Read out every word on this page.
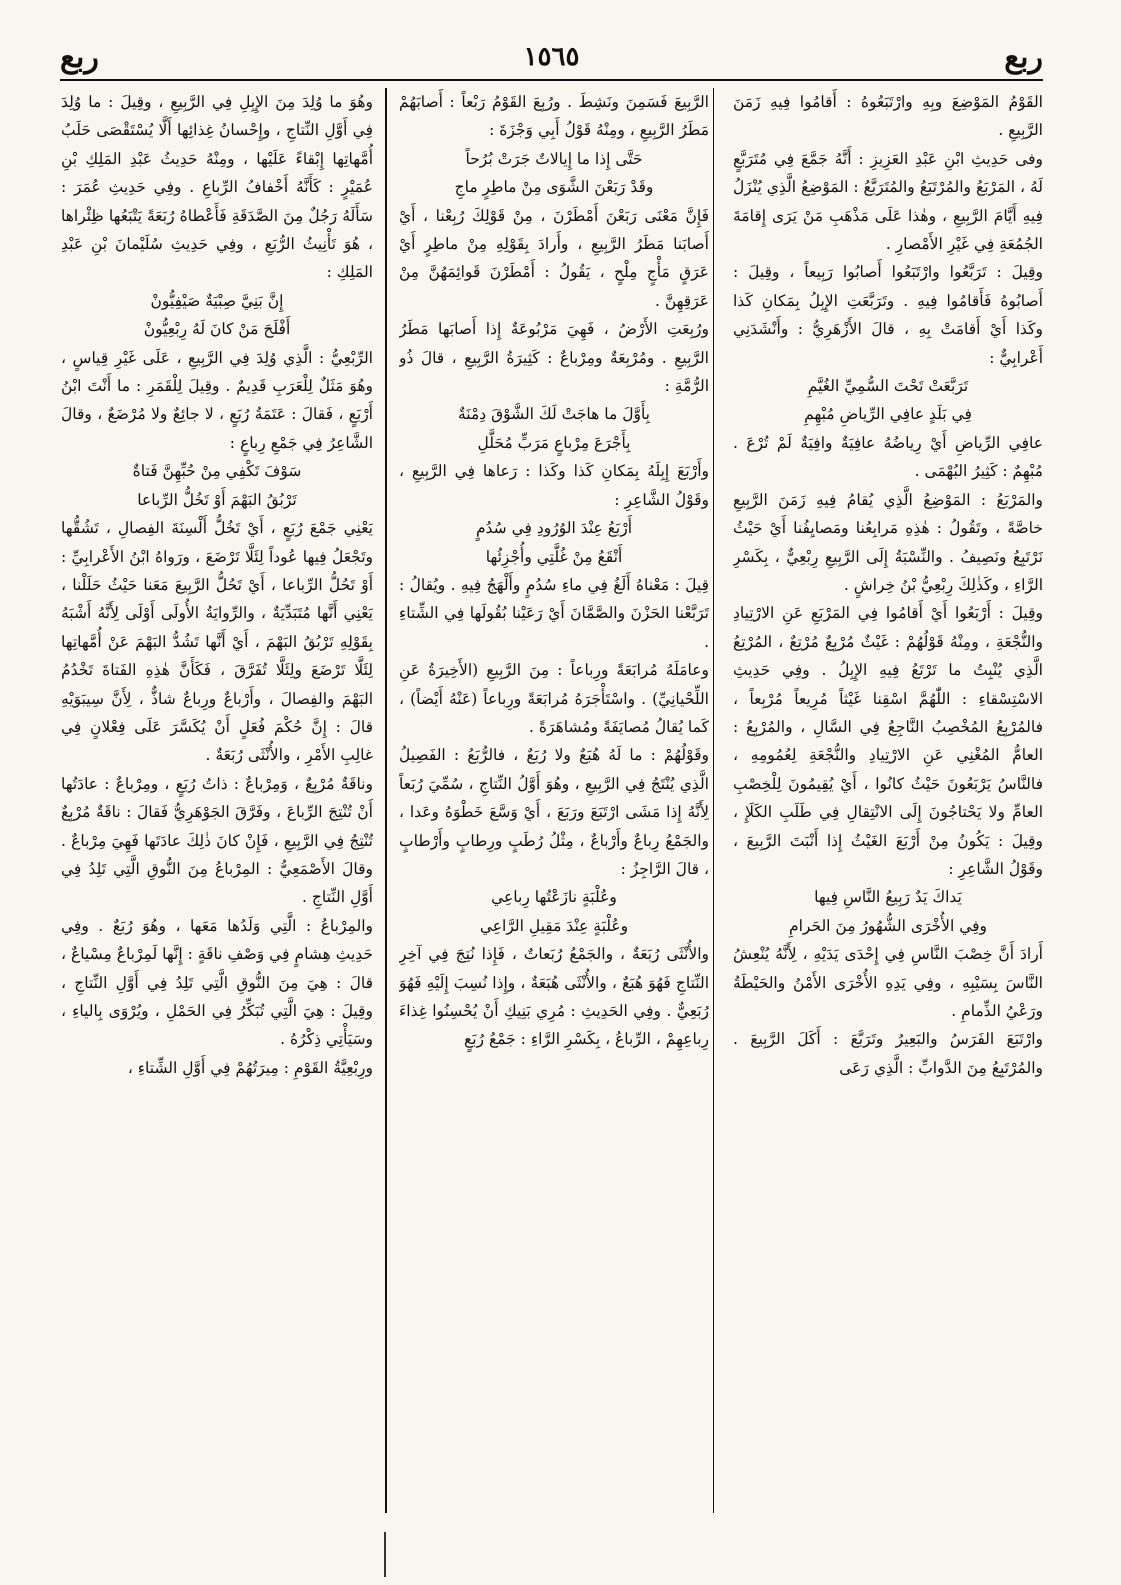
ربع
١٥٦٥
ربع

القَوْمُ المَوْضِعَ وبِهِ وارْتَبَعُوهُ : أَقامُوا فِيهِ زَمَنَ الرَّبِيعِ .

وفى حَدِيثِ ابْنِ عَبْدِ العَزِيزِ : أَنَّهُ جَمَّعَ فِي مُتَرَبَّعٍ لَهُ ، المَرْبَعُ والمُرْتَبَعُ والمُتَرَبَّعُ : المَوْضِعُ الَّذِي يُنْزَلُ فِيهِ أَيَّامَ الرَّبِيعِ ، وهٰذا عَلَى مَذْهَبِ مَنْ يَرَى إِقامَةَ الجُمُعَةِ فِي غَيْرِ الأَمْصارِ .

وقِيلَ : تَرَبَّعُوا وارْتَبَعُوا أَصابُوا رَبِيعاً ، وقِيلَ : أَصابُوهُ فَأَقامُوا فِيهِ . وتَرَبَّعَتِ الإِبِلُ بِمَكانِ كَذا وكَذا أَيْ أَقامَتْ بِهِ ، قالَ الأَزْهَرِيُّ : وأَنْشَدَنِي أَعْرابِيٌّ :

تَرَبَّعَتْ تَحْتَ السُّمِيِّ الغُيَّمِ

فِي بَلَدٍ عافِي الرِّياضِ مُبْهِمِ

عافِي الرِّياضِ أَيْ رِياضُهُ عافِيَةٌ وافِيَةٌ لَمْ تُرْعَ . مُبْهِمٌ : كَثِيرُ البُهْمَى .

والمَرْبَعُ : المَوْضِعُ الَّذِي يُقامُ فِيهِ زَمَنَ الرَّبِيعِ خاصَّةً ، وتَقُولُ : هٰذِهِ مَرابِعُنا ومَصايِفُنا أَيْ حَيْثُ نَرْتَبِعُ ونَصِيفُ . والنِّسْبَةُ إِلَى الرَّبِيعِ رِبْعِيٌّ ، بِكَسْرِ الرَّاءِ ، وكَذٰلِكَ رِبْعِيُّ بْنُ خِراشٍ .

وقِيلَ : أَرْبَعُوا أَيْ أَقامُوا فِي المَرْبَعِ عَنِ الارْتِيادِ والنُّجْعَةِ ، ومِنْهُ قَوْلُهُمْ : غَيْثٌ مُرْبِعٌ مُرْتِعٌ ، المُرْتِعُ الَّذِي يُنْبِتُ ما تَرْتَعُ فِيهِ الإِبِلُ . وفِي حَدِيثِ الاسْتِسْقاءِ : اللّٰهُمَّ اسْقِنا غَيْثاً مُرِيعاً مُرْبِعاً ، فالمُرْبِعُ المُخْصِبُ النَّاجِعُ فِي السَّالِ ، والمُرْبِعُ : العامُّ المُغْنِي عَنِ الارْتِيادِ والنُّجْعَةِ لِعُمُومِهِ ، فالنَّاسُ يَرْبَعُونَ حَيْثُ كانُوا ، أَيْ يُقِيمُونَ لِلْخِصْبِ العامِّ ولا يَحْتاجُونَ إِلَى الانْتِقالِ فِي طَلَبِ الكَلَإِ ، وقِيلَ : يَكُونُ مِنْ أَرْبَعَ الغَيْثُ إِذا أَنْبَتَ الرَّبِيعَ ، وقَوْلُ الشَّاعِرِ :

يَداكَ يَدٌ رَبِيعُ النَّاسِ فِيها

وفِي الأُخْرَى الشُّهُورُ مِنَ الحَرامِ

أَرادَ أَنَّ خِصْبَ النَّاسِ فِي إِحْدَى يَدَيْهِ ، لِأَنَّهُ يُنْعِشُ النَّاسَ بِسَيْبِهِ ، وفِي يَدِهِ الأُخْرَى الأَمْنُ والحَيْطَةُ ورَعْيُ الذِّمامِ .

وارْتَبَعَ الفَرَسُ والبَعِيرُ وتَرَبَّعَ : أَكَلَ الرَّبِيعَ . والمُرْتَبِعُ مِنَ الدَّوابِّ : الَّذِي رَعَى

الرَّبِيعَ فَسَمِنَ ونَشِطَ . ورُبِعَ القَوْمُ رَبْعاً : أَصابَهُمْ مَطَرُ الرَّبِيعِ ، ومِنْهُ قَوْلُ أَبِي وَجْزَةَ :

حَتَّى إِذا ما إِيالاتٌ جَرَتْ بُرُحاً

وقَدْ رَبَعْنَ الشَّوَى مِنْ ماطِرٍ ماجِ

فَإِنَّ مَعْنَى رَبَعْنَ أَمْطَرْنَ ، مِنْ قَوْلِكَ رُبِعْنا ، أَيْ أَصابَنا مَطَرُ الرَّبِيعِ ، وأَرادَ بِقَوْلِهِ مِنْ ماطِرٍ أَيْ عَرَقٍ مَأْجٍ مِلْحٍ ، يَقُولُ : أَمْطَرْنَ قَوائِمَهُنَّ مِنْ عَرَقِهِنَّ .

ورُبِعَتِ الأَرْضُ ، فَهِيَ مَرْبُوعَةٌ إِذا أَصابَها مَطَرُ الرَّبِيعِ . ومُرْبِعَةٌ ومِرْباعٌ : كَثِيرَةُ الرَّبِيعِ ، قالَ ذُو الرُّمَّةِ :

بِأَوَّلَ ما هاجَتْ لَكَ الشَّوْقَ دِمْنَةٌ

بِأَجْرَعَ مِرْباعٍ مَرَبٍّ مُحَلَّلِ

وأَرْبَعَ إِبِلَهُ بِمَكانِ كَذا وكَذا : رَعاها فِي الرَّبِيعِ ، وقَوْلُ الشَّاعِرِ :

أَرْبَعُ عِنْدَ الوُرُودِ فِي سُدُمٍ

أَنْقَعُ مِنْ غُلَّتِي وأُجْزِئُها

قِيلَ : مَعْناهُ أَلَغُ فِي ماءِ سُدُمٍ وأَلْهَجُ فِيهِ . ويُقالُ : تَرَبَّعْنا الحَزْنَ والصَّمَّانَ أَيْ رَعَيْنا بُقُولَها فِي الشِّتاءِ .

وعامَلَهُ مُرابَعَةً ورِباعاً : مِنَ الرَّبِيعِ (الأَخِيرَةُ عَنِ اللِّحْيانِيِّ) . واسْتَأْجَرَهُ مُرابَعَةً ورِباعاً (عَنْهُ أَيْضاً) ، كَما يُقالُ مُصايَفَةً ومُشاهَرَةً .

وقَوْلُهُمْ : ما لَهُ هُبَعٌ ولا رُبَعٌ ، فالرُّبَعُ : الفَصِيلُ الَّذِي يُنْتَجُ فِي الرَّبِيعِ ، وهُوَ أَوَّلُ النِّتاجِ ، سُمِّيَ رُبَعاً لِأَنَّهُ إِذا مَشَى ارْتَبَعَ ورَبَعَ ، أَيْ وَسَّعَ خَطْوَهُ وعَدا ، والجَمْعُ رِباعٌ وأَرْباعٌ ، مِثْلُ رُطَبٍ ورِطابٍ وأَرْطابٍ ، قالَ الرَّاجِزُ :

وعُلْبَةٍ نازَعْتُها رِباعِي

وعُلْبَةٍ عِنْدَ مَقِيلِ الرَّاعِي

والأُنْثَى رُبَعَةٌ ، والجَمْعُ رُبَعاتٌ ، فَإِذا نُتِجَ فِي آخِرِ النِّتاجِ فَهُوَ هُبَعٌ ، والأُنْثَى هُبَعَةٌ ، وإِذا نُسِبَ إِلَيْهِ فَهُوَ رُبَعِيٌّ . وفِي الحَدِيثِ : مُرِي بَنِيكِ أَنْ يُحْسِنُوا غِذاءَ رِباعِهِمْ ، الرِّباعُ ، بِكَسْرِ الرَّاءِ : جَمْعُ رُبَعٍ

وهُوَ ما وُلِدَ مِنَ الإِبِلِ فِي الرَّبِيعِ ، وقِيلَ : ما وُلِدَ فِي أَوَّلِ النِّتاجِ ، وإِحْسانُ غِذائِها أَلَّا يُسْتَقْصَى حَلَبُ أُمَّهاتِها إِبْقاءً عَلَيْها ، ومِنْهُ حَدِيثُ عَبْدِ المَلِكِ بْنِ عُمَيْرٍ : كَأَنَّهُ أَخْفافُ الرِّباعِ . وفِي حَدِيثِ عُمَرَ : سَأَلَهُ رَجُلٌ مِنَ الصَّدَقَةِ فَأَعْطاهُ رُبَعَةً يَتْبَعُها ظِئْراها ، هُوَ تَأْنِيثُ الرُّبَعِ ، وفِي حَدِيثِ سُلَيْمانَ بْنِ عَبْدِ المَلِكِ :

إِنَّ بَنِيَّ صِبْيَةٌ صَيْفِيُّونْ

أَفْلَحَ مَنْ كانَ لَهُ رِبْعِيُّونْ

الرِّبْعِيُّ : الَّذِي وُلِدَ فِي الرَّبِيعِ ، عَلَى غَيْرِ قِياسٍ ، وهُوَ مَثَلٌ لِلْعَرَبِ قَدِيمٌ . وقِيلَ لِلْقَمَرِ : ما أَنْتَ ابْنُ أَرْبَعٍ ، فَقالَ : عَتَمَةُ رُبَعٍ ، لا جائِعٌ ولا مُرْضَعٌ ، وقالَ الشَّاعِرُ فِي جَمْعِ رِباعٍ :

سَوْفَ تَكْفِي مِنْ حُبِّهِنَّ فَتاةٌ

تَرْبُقُ البَهْمَ أَوْ تَخُلُّ الرِّباعا

يَعْنِي جَمْعَ رُبَعٍ ، أَيْ تَخُلُّ أَلْسِنَةَ الفِصالِ ، تَشُقُّها وتَجْعَلُ فِيها عُوداً لِئَلَّا تَرْضَعَ ، ورَواهُ ابْنُ الأَعْرابِيِّ : أَوْ تَحُلُّ الرِّباعا ، أَيْ تَحُلُّ الرَّبِيعَ مَعَنا حَيْثُ حَلَلْنا ، يَعْنِي أَنَّها مُتَبَدِّيَةٌ ، والرِّوايَةُ الأُولَى أَوْلَى لِأَنَّهُ أَشْبَهُ بِقَوْلِهِ تَرْبُقُ البَهْمَ ، أَيْ أَنَّها تَشُدُّ البَهْمَ عَنْ أُمَّهاتِها لِئَلَّا تَرْضَعَ ولِئَلَّا تُفَرَّقَ ، فَكَأَنَّ هٰذِهِ الفَتاةَ تَخْدُمُ البَهْمَ والفِصالَ ، وأَرْباعٌ ورِباعٌ شاذٌّ ، لِأَنَّ سِيبَوَيْهِ قالَ : إِنَّ حُكْمَ فُعَلٍ أَنْ يُكَسَّرَ عَلَى فِعْلانٍ فِي غالِبِ الأَمْرِ ، والأُنْثَى رُبَعَةٌ .

وناقَةٌ مُرْبِعٌ ، وَمِرْباعٌ : ذاتُ رُبَعٍ ، ومِرْباعٌ : عادَتُها أَنْ تُنْتِجَ الرِّباعَ ، وفَرَّقَ الجَوْهَرِيُّ فَقالَ : ناقَةٌ مُرْبِعٌ تُنْتِجُ فِي الرَّبِيعِ ، فَإِنْ كانَ ذٰلِكَ عادَتَها فَهِيَ مِرْباعٌ . وقالَ الأَصْمَعِيُّ : المِرْباعُ مِنَ النُّوقِ الَّتِي تَلِدُ فِي أَوَّلِ النِّتاجِ .

والمِرْباعُ : الَّتِي وَلَدُها مَعَها ، وهُوَ رُبَعٌ . وفِي حَدِيثِ هِشامٍ فِي وَصْفِ ناقَةٍ : إِنَّها لَمِرْباعٌ مِسْياعٌ ، قالَ : هِيَ مِنَ النُّوقِ الَّتِي تَلِدُ فِي أَوَّلِ النِّتاجِ ، وقِيلَ : هِيَ الَّتِي تُبَكِّرُ فِي الحَمْلِ ، ويُرْوَى بِالياءِ ، وسَيَأْتِي ذِكْرُهُ .

ورِبْعِيَّةُ القَوْمِ : مِيرَتُهُمْ فِي أَوَّلِ الشِّتاءِ ،
